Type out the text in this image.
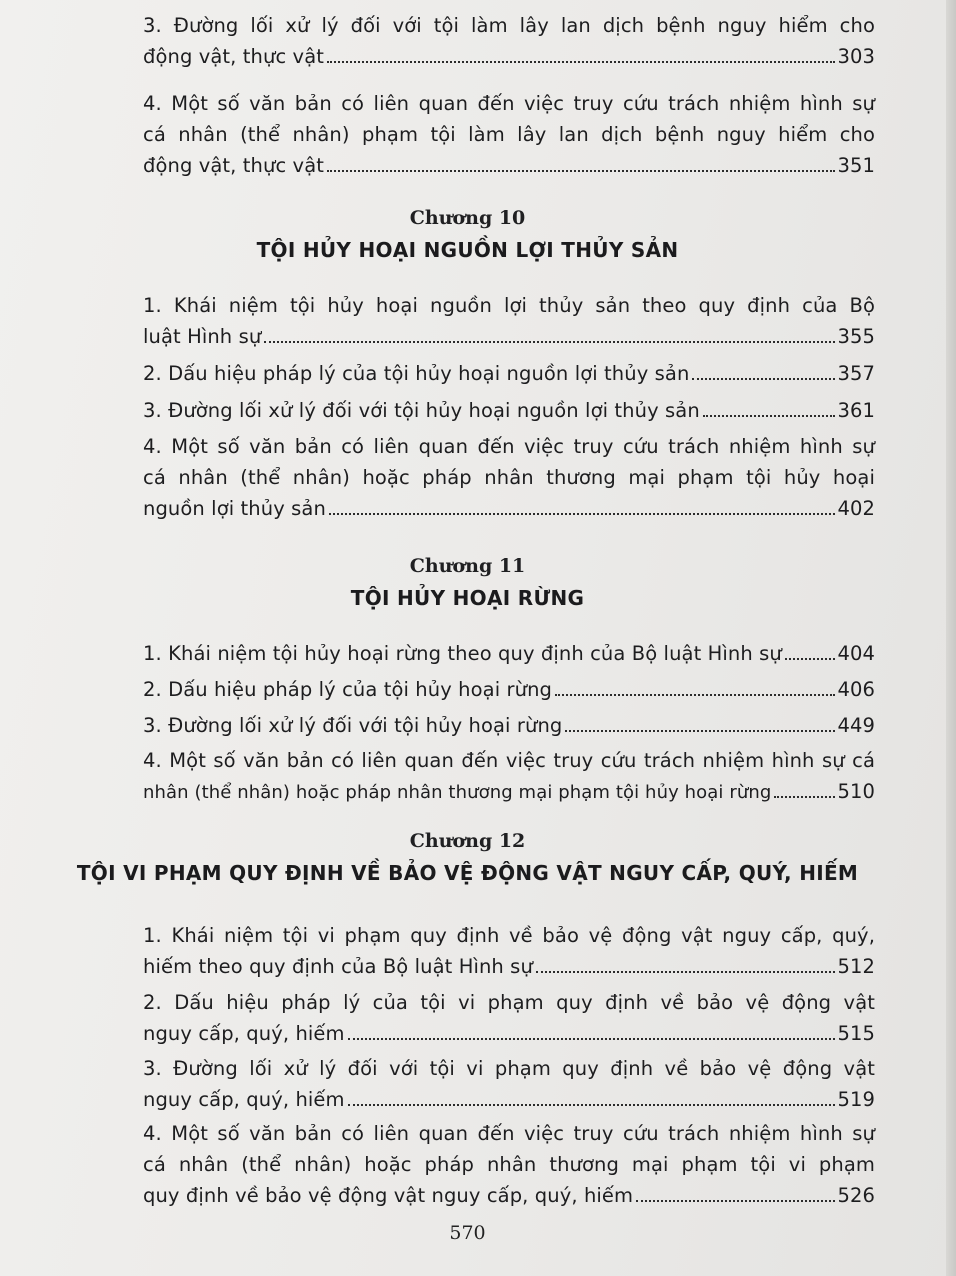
3. Đường lối xử lý đối với tội làm lây lan dịch bệnh nguy hiểm cho
động vật, thực vật	303
4. Một số văn bản có liên quan đến việc truy cứu trách nhiệm hình sự
cá nhân (thể nhân) phạm tội làm lây lan dịch bệnh nguy hiểm cho
động vật, thực vật	351
Chương 10
TỘI HỦY HOẠI NGUỒN LỢI THỦY SẢN
1. Khái niệm tội hủy hoại nguồn lợi thủy sản theo quy định của Bộ
luật Hình sự	355
2. Dấu hiệu pháp lý của tội hủy hoại nguồn lợi thủy sản	357
3. Đường lối xử lý đối với tội hủy hoại nguồn lợi thủy sản	361
4. Một số văn bản có liên quan đến việc truy cứu trách nhiệm hình sự
cá nhân (thể nhân) hoặc pháp nhân thương mại phạm tội hủy hoại
nguồn lợi thủy sản	402
Chương 11
TỘI HỦY HOẠI RỪNG
1. Khái niệm tội hủy hoại rừng theo quy định của Bộ luật Hình sự	404
2. Dấu hiệu pháp lý của tội hủy hoại rừng	406
3. Đường lối xử lý đối với tội hủy hoại rừng	449
4. Một số văn bản có liên quan đến việc truy cứu trách nhiệm hình sự cá
nhân (thể nhân) hoặc pháp nhân thương mại phạm tội hủy hoại rừng	510
Chương 12
TỘI VI PHẠM QUY ĐỊNH VỀ BẢO VỆ ĐỘNG VẬT NGUY CẤP, QUÝ, HIẾM
1. Khái niệm tội vi phạm quy định về bảo vệ động vật nguy cấp, quý,
hiếm theo quy định của Bộ luật Hình sự	512
2. Dấu hiệu pháp lý của tội vi phạm quy định về bảo vệ động vật
nguy cấp, quý, hiếm	515
3. Đường lối xử lý đối với tội vi phạm quy định về bảo vệ động vật
nguy cấp, quý, hiếm	519
4. Một số văn bản có liên quan đến việc truy cứu trách nhiệm hình sự
cá nhân (thể nhân) hoặc pháp nhân thương mại phạm tội vi phạm
quy định về bảo vệ động vật nguy cấp, quý, hiếm	526
570
